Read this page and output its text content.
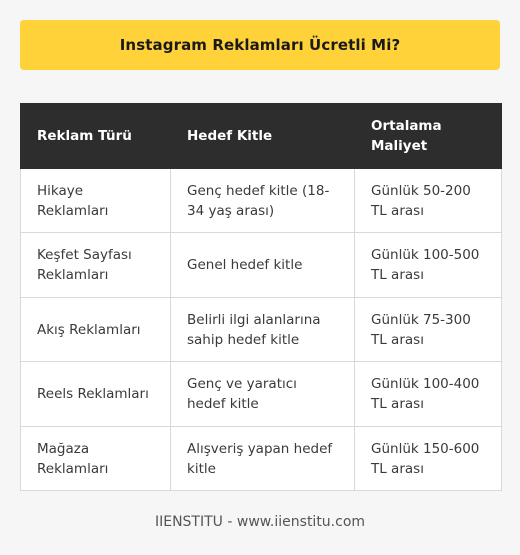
Instagram Reklamları Ücretli Mi?
Reklam Türü	Hedef Kitle	Ortalama Maliyet
Hikaye Reklamları	Genç hedef kitle (18-34 yaş arası)	Günlük 50-200 TL arası
Keşfet Sayfası Reklamları	Genel hedef kitle	Günlük 100-500 TL arası
Akış Reklamları	Belirli ilgi alanlarına sahip hedef kitle	Günlük 75-300 TL arası
Reels Reklamları	Genç ve yaratıcı hedef kitle	Günlük 100-400 TL arası
Mağaza Reklamları	Alışveriş yapan hedef kitle	Günlük 150-600 TL arası
IIENSTITU - www.iienstitu.com
